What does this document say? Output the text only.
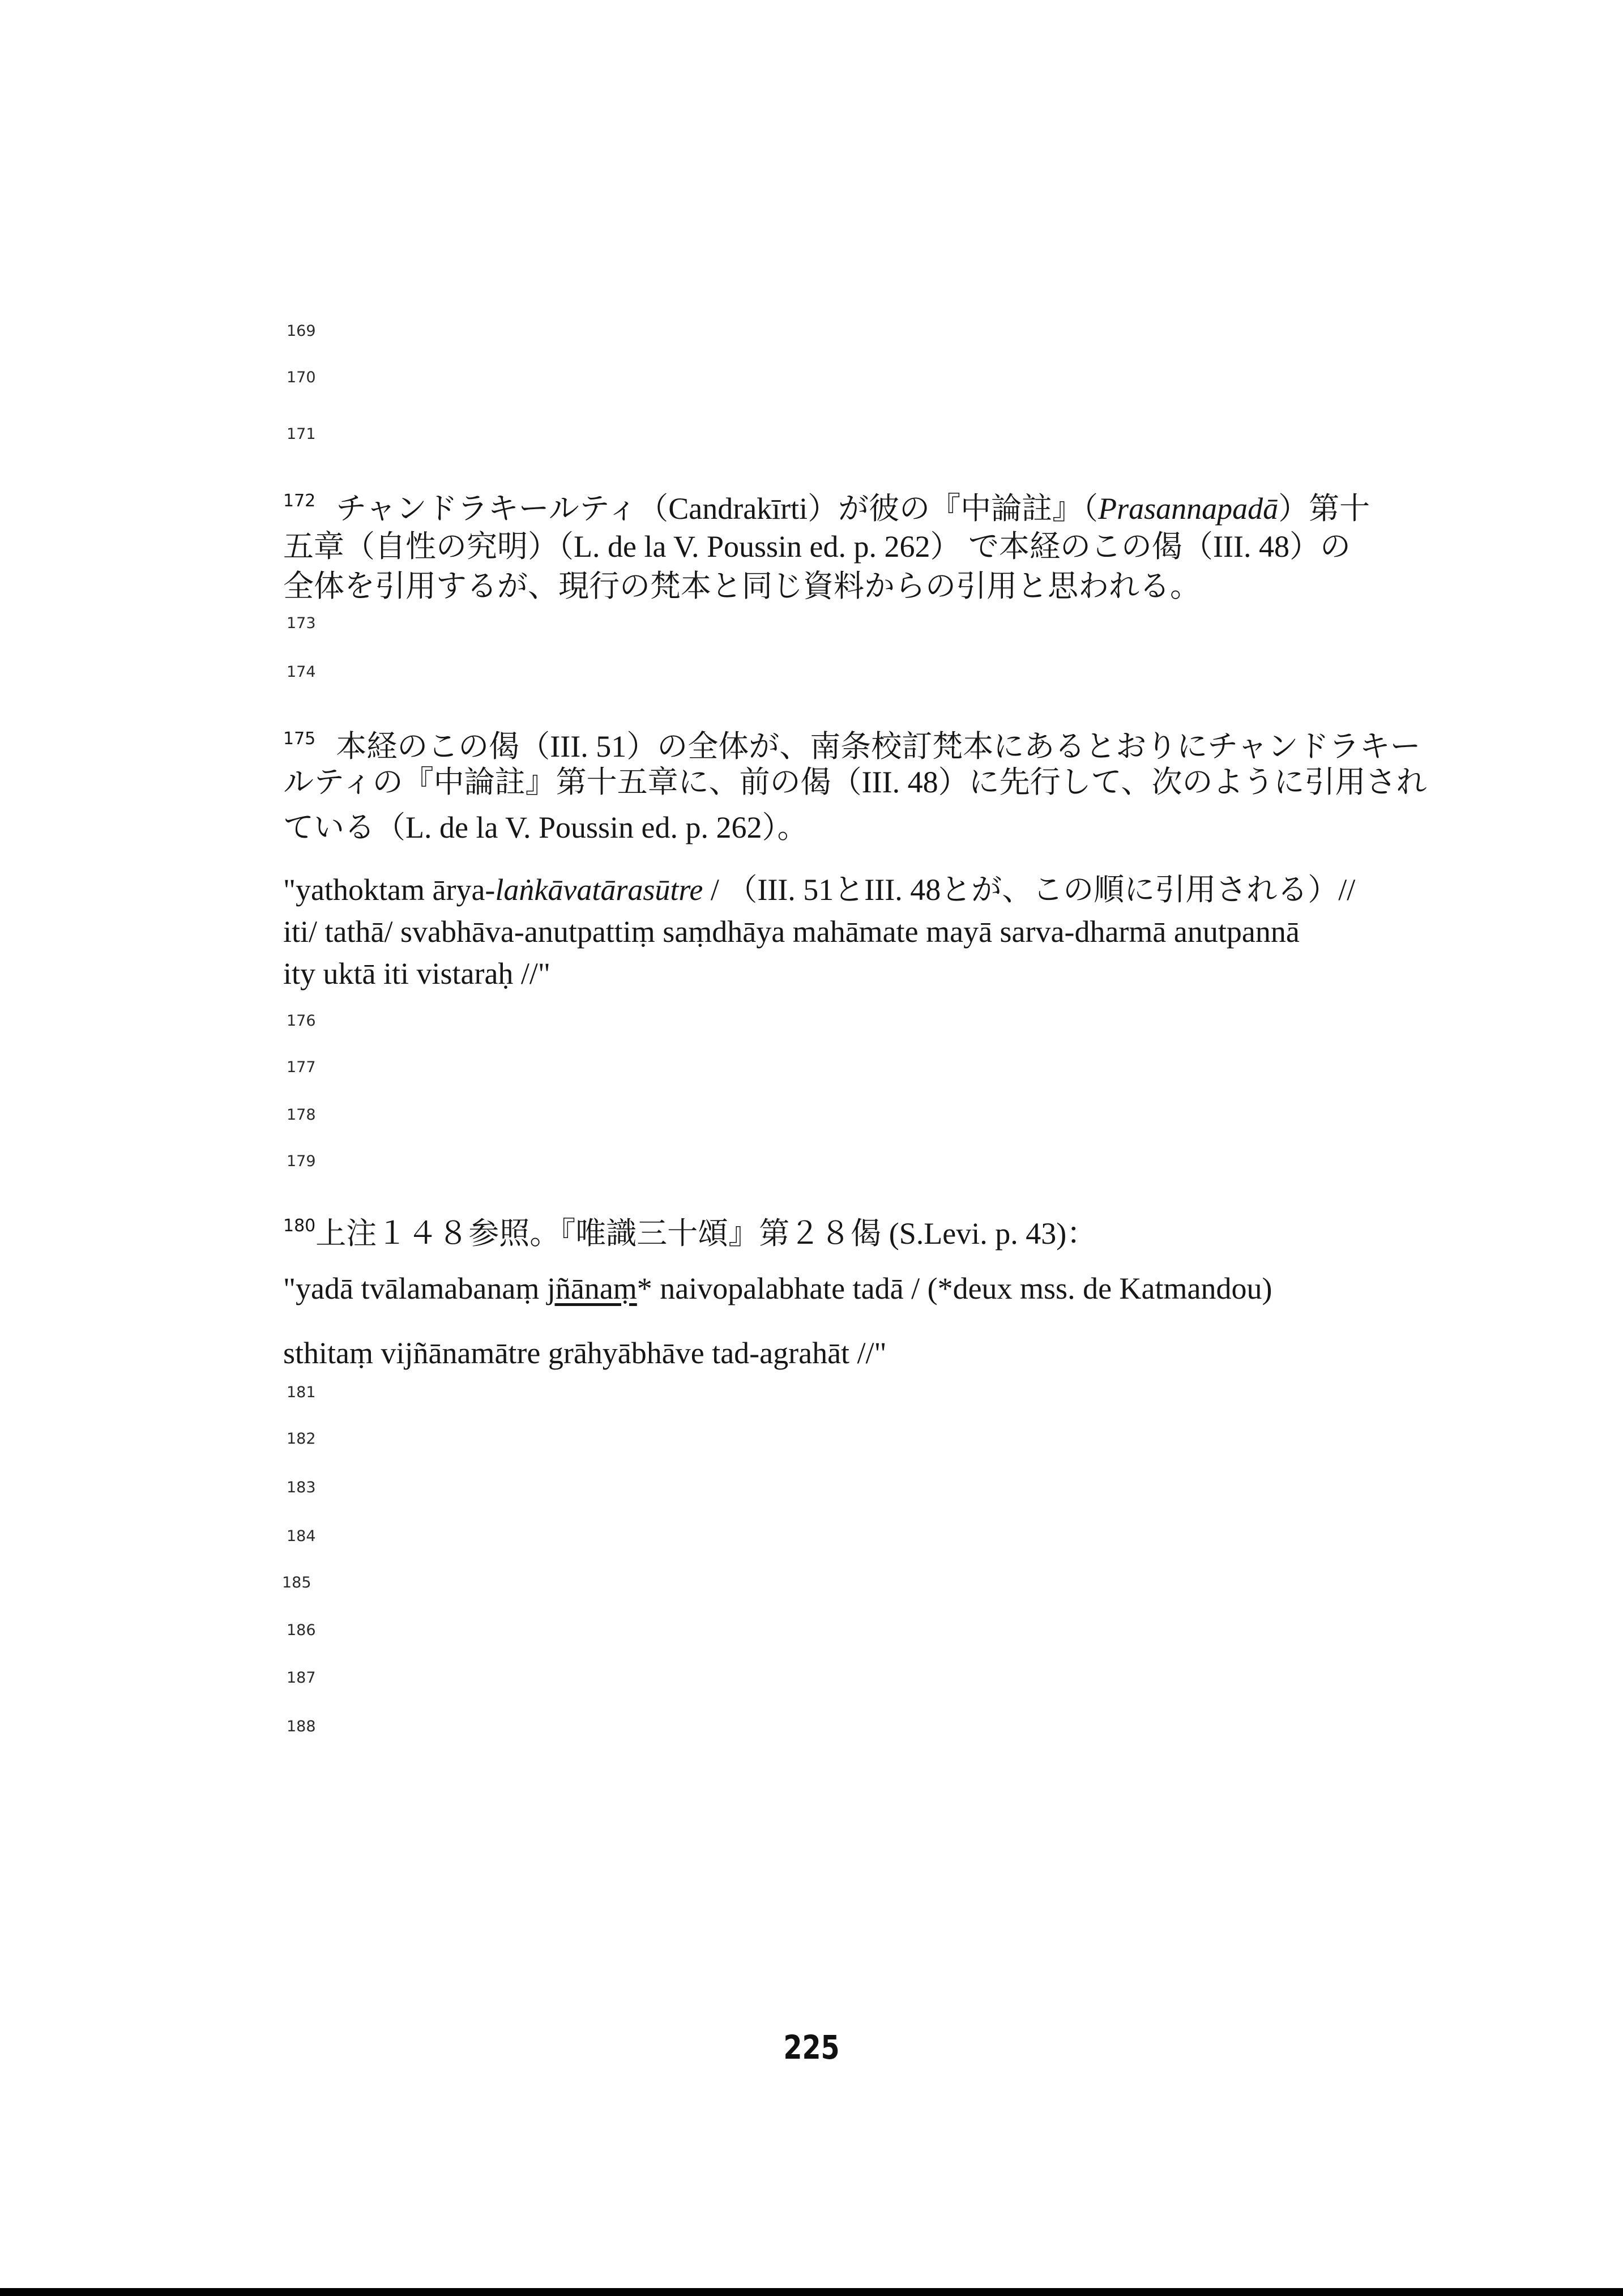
169
170
171
$^{172}$ チャンドラキールティ（Candrakīrti）が彼の『中論註』（Prasannapadā）第十
五章（自性の究明）（L. de la V. Poussin ed. p. 262） で本経のこの偈（III. 48）の
全体を引用するが、現行の梵本と同じ資料からの引用と思われる。
173
174
$^{175}$ 本経のこの偈（III. 51）の全体が、南条校訂梵本にあるとおりにチャンドラキー
ルティの『中論註』第十五章に、前の偈（III. 48）に先行して、次のように引用され
ている（L. de la V. Poussin ed. p. 262）。
"yathoktam ārya-laṅkāvatārasūtre / （III. 51とIII. 48とが、この順に引用される）//
iti/ tathā/ svabhāva-anutpattiṃ saṃdhāya mahāmate mayā sarva-dharmā anutpannā
ity uktā iti vistaraḥ //"
176
177
178
179
$^{180}$上注１４８参照。『唯識三十頌』第２８偈 (S.Levi. p. 43)：
"yadā tvālamabanaṃ jñānaṃ* naivopalabhate tadā / (*deux mss. de Katmandou)
sthitaṃ vijñānamātre grāhyābhāve tad-agrahāt //"
181
182
183
184
185
186
187
188
225
